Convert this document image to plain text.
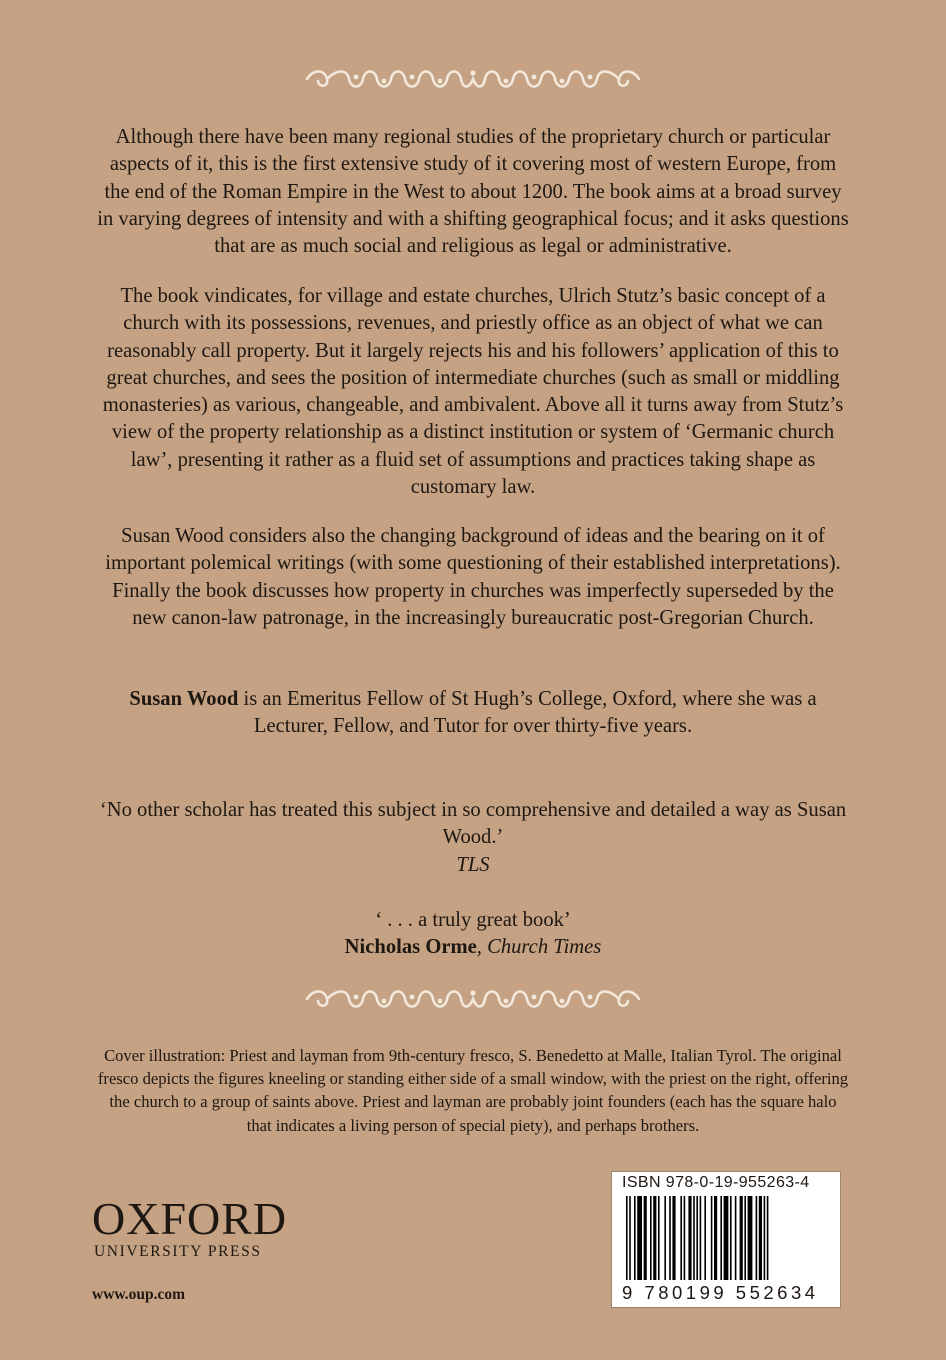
Although there have been many regional studies of the proprietary church or particular aspects of it, this is the first extensive study of it covering most of western Europe, from the end of the Roman Empire in the West to about 1200. The book aims at a broad survey in varying degrees of intensity and with a shifting geographical focus; and it asks questions that are as much social and religious as legal or administrative.

The book vindicates, for village and estate churches, Ulrich Stutz’s basic concept of a church with its possessions, revenues, and priestly office as an object of what we can reasonably call property. But it largely rejects his and his followers’ application of this to great churches, and sees the position of intermediate churches (such as small or middling monasteries) as various, changeable, and ambivalent. Above all it turns away from Stutz’s view of the property relationship as a distinct institution or system of ‘Germanic church law’, presenting it rather as a fluid set of assumptions and practices taking shape as customary law.

Susan Wood considers also the changing background of ideas and the bearing on it of important polemical writings (with some questioning of their established interpretations). Finally the book discusses how property in churches was imperfectly superseded by the new canon-law patronage, in the increasingly bureaucratic post-Gregorian Church.

Susan Wood is an Emeritus Fellow of St Hugh’s College, Oxford, where she was a Lecturer, Fellow, and Tutor for over thirty-five years.

‘No other scholar has treated this subject in so comprehensive and detailed a way as Susan Wood.’
TLS
‘ . . . a truly great book’
Nicholas Orme, Church Times
Cover illustration: Priest and layman from 9th-century fresco, S. Benedetto at Malle, Italian Tyrol. The original fresco depicts the figures kneeling or standing either side of a small window, with the priest on the right, offering the church to a group of saints above. Priest and layman are probably joint founders (each has the square halo that indicates a living person of special piety), and perhaps brothers.
OXFORD
UNIVERSITY PRESS
www.oup.com
ISBN 978-0-19-955263-4
9 780199 552634
